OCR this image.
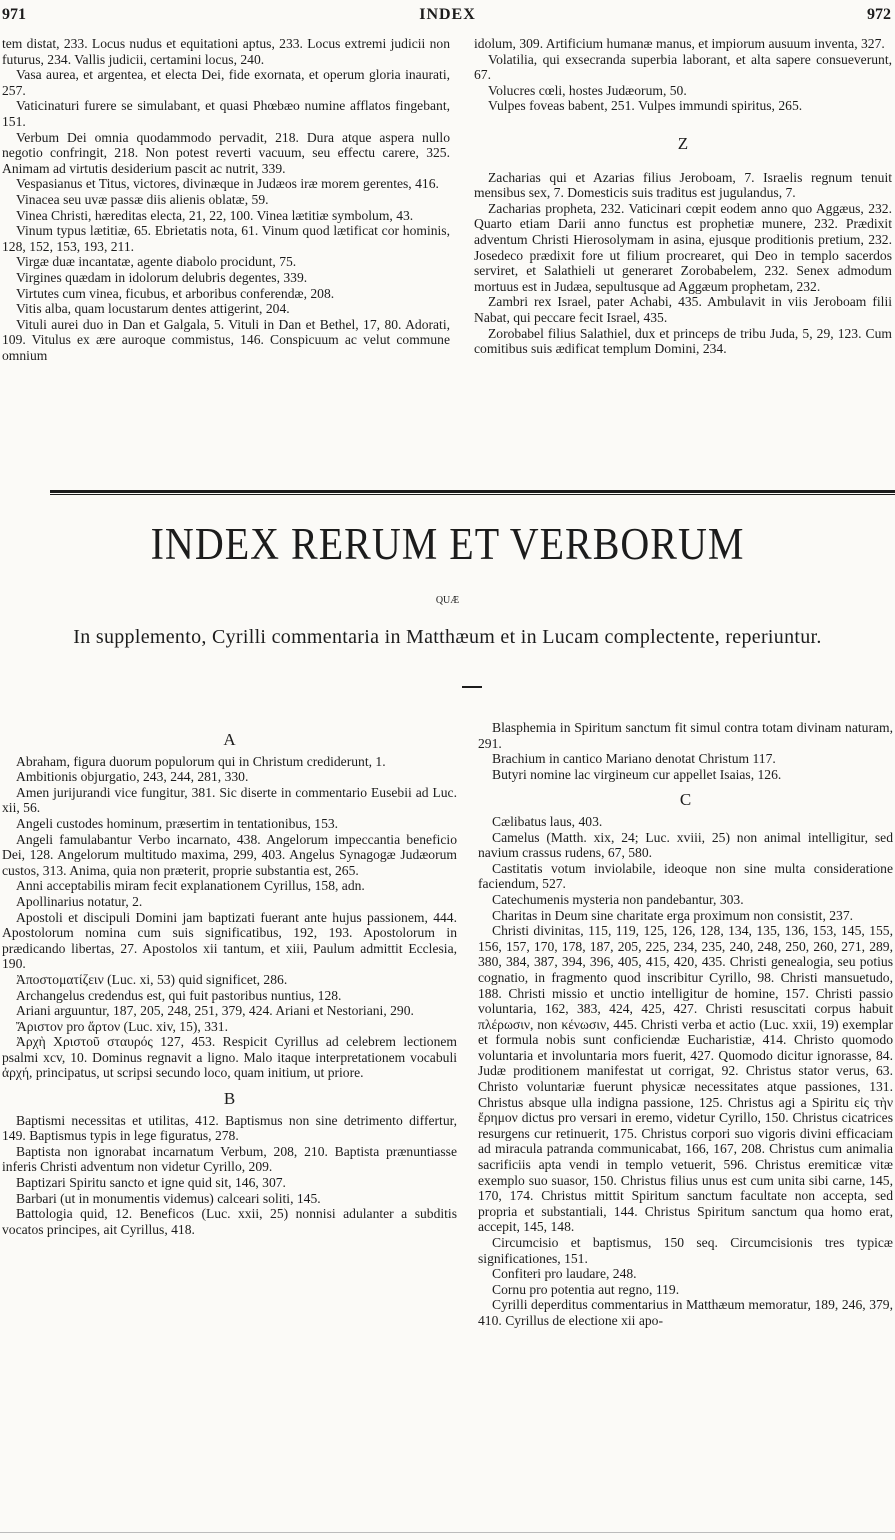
971	INDEX	972

tem distat, 233. Locus nudus et equitationi aptus, 233. Locus extremi judicii non futurus, 234. Vallis judicii, certamini locus, 240.

Vasa aurea, et argentea, et electa Dei, fide exornata, et operum gloria inaurati, 257.

Vaticinaturi furere se simulabant, et quasi Phœbæo numine afflatos fingebant, 151.

Verbum Dei omnia quodammodo pervadit, 218. Dura atque aspera nullo negotio confringit, 218. Non potest reverti vacuum, seu effectu carere, 325. Animam ad virtutis desiderium pascit ac nutrit, 339.

Vespasianus et Titus, victores, divinæque in Judæos iræ morem gerentes, 416.

Vinacea seu uvæ passæ diis alienis oblatæ, 59.

Vinea Christi, hæreditas electa, 21, 22, 100. Vinea lætitiæ symbolum, 43.

Vinum typus lætitiæ, 65. Ebrietatis nota, 61. Vinum quod lætificat cor hominis, 128, 152, 153, 193, 211.

Virgæ duæ incantatæ, agente diabolo procidunt, 75.

Virgines quædam in idolorum delubris degentes, 339.

Virtutes cum vinea, ficubus, et arboribus conferendæ, 208.

Vitis alba, quam locustarum dentes attigerint, 204.

Vituli aurei duo in Dan et Galgala, 5. Vituli in Dan et Bethel, 17, 80. Adorati, 109. Vitulus ex ære auroque commistus, 146. Conspicuum ac velut commune omnium

idolum, 309. Artificium humanæ manus, et impiorum ausuum inventa, 327.

Volatilia, qui exsecranda superbia laborant, et alta sapere consueverunt, 67.

Volucres cœli, hostes Judæorum, 50.

Vulpes foveas babent, 251. Vulpes immundi spiritus, 265.

Z

Zacharias qui et Azarias filius Jeroboam, 7. Israelis regnum tenuit mensibus sex, 7. Domesticis suis traditus est jugulandus, 7.

Zacharias propheta, 232. Vaticinari cœpit eodem anno quo Aggæus, 232. Quarto etiam Darii anno functus est prophetiæ munere, 232. Prædixit adventum Christi Hierosolymam in asina, ejusque proditionis pretium, 232. Josedeco prædixit fore ut filium procrearet, qui Deo in templo sacerdos serviret, et Salathieli ut generaret Zorobabelem, 232. Senex admodum mortuus est in Judæa, sepultusque ad Aggæum prophetam, 232.

Zambri rex Israel, pater Achabi, 435. Ambulavit in viis Jeroboam filii Nabat, qui peccare fecit Israel, 435.

Zorobabel filius Salathiel, dux et princeps de tribu Juda, 5, 29, 123. Cum comitibus suis ædificat templum Domini, 234.

INDEX RERUM ET VERBORUM
QUÆ
In supplemento, Cyrilli commentaria in Matthæum et in Lucam complectente, reperiuntur.
A

Abraham, figura duorum populorum qui in Christum crediderunt, 1.

Ambitionis objurgatio, 243, 244, 281, 330.

Amen jurijurandi vice fungitur, 381. Sic diserte in commentario Eusebii ad Luc. xii, 56.

Angeli custodes hominum, præsertim in tentationibus, 153.

Angeli famulabantur Verbo incarnato, 438. Angelorum impeccantia beneficio Dei, 128. Angelorum multitudo maxima, 299, 403. Angelus Synagogæ Judæorum custos, 313. Anima, quia non præterit, proprie substantia est, 265.

Anni acceptabilis miram fecit explanationem Cyrillus, 158, adn.

Apollinarius notatur, 2.

Apostoli et discipuli Domini jam baptizati fuerant ante hujus passionem, 444. Apostolorum nomina cum suis significatibus, 192, 193. Apostolorum in prædicando libertas, 27. Apostolos xii tantum, et xiii, Paulum admittit Ecclesia, 190.

Ἀποστοματίζειν (Luc. xi, 53) quid significet, 286.

Archangelus credendus est, qui fuit pastoribus nuntius, 128.

Ariani arguuntur, 187, 205, 248, 251, 379, 424. Ariani et Nestoriani, 290.

Ἄριστον pro ἄρτον (Luc. xiv, 15), 331.

Ἀρχὴ Χριστοῦ σταυρός 127, 453. Respicit Cyrillus ad celebrem lectionem psalmi xcv, 10. Dominus regnavit a ligno. Malo itaque interpretationem vocabuli ἀρχή, principatus, ut scripsi secundo loco, quam initium, ut priore.

B

Baptismi necessitas et utilitas, 412. Baptismus non sine detrimento differtur, 149. Baptismus typis in lege figuratus, 278.

Baptista non ignorabat incarnatum Verbum, 208, 210. Baptista prænuntiasse inferis Christi adventum non videtur Cyrillo, 209.

Baptizari Spiritu sancto et igne quid sit, 146, 307.

Barbari (ut in monumentis videmus) calceari soliti, 145.

Battologia quid, 12. Beneficos (Luc. xxii, 25) nonnisi adulanter a subditis vocatos principes, ait Cyrillus, 418.

Blasphemia in Spiritum sanctum fit simul contra totam divinam naturam, 291.

Brachium in cantico Mariano denotat Christum 117.

Butyri nomine lac virgineum cur appellet Isaias, 126.

C

Cælibatus laus, 403.

Camelus (Matth. xix, 24; Luc. xviii, 25) non animal intelligitur, sed navium crassus rudens, 67, 580.

Castitatis votum inviolabile, ideoque non sine multa consideratione faciendum, 527.

Catechumenis mysteria non pandebantur, 303.

Charitas in Deum sine charitate erga proximum non consistit, 237.

Christi divinitas, 115, 119, 125, 126, 128, 134, 135, 136, 153, 145, 155, 156, 157, 170, 178, 187, 205, 225, 234, 235, 240, 248, 250, 260, 271, 289, 380, 384, 387, 394, 396, 405, 415, 420, 435. Christi genealogia, seu potius cognatio, in fragmento quod inscribitur Cyrillo, 98. Christi mansuetudo, 188. Christi missio et unctio intelligitur de homine, 157. Christi passio voluntaria, 162, 383, 424, 425, 427. Christi resuscitati corpus habuit πλέρωσιν, non κένωσιν, 445. Christi verba et actio (Luc. xxii, 19) exemplar et formula nobis sunt conficiendæ Eucharistiæ, 414. Christo quomodo voluntaria et involuntaria mors fuerit, 427. Quomodo dicitur ignorasse, 84. Judæ proditionem manifestat ut corrigat, 92. Christus stator verus, 63. Christo voluntariæ fuerunt physicæ necessitates atque passiones, 131. Christus absque ulla indigna passione, 125. Christus agi a Spiritu εἰς τὴν ἔρημον dictus pro versari in eremo, videtur Cyrillo, 150. Christus cicatrices resurgens cur retinuerit, 175. Christus corpori suo vigoris divini efficaciam ad miracula patranda communicabat, 166, 167, 208. Christus cum animalia sacrificiis apta vendi in templo vetuerit, 596. Christus eremiticæ vitæ exemplo suo suasor, 150. Christus filius unus est cum unita sibi carne, 145, 170, 174. Christus mittit Spiritum sanctum facultate non accepta, sed propria et substantiali, 144. Christus Spiritum sanctum qua homo erat, accepit, 145, 148.

Circumcisio et baptismus, 150 seq. Circumcisionis tres typicæ significationes, 151.

Confiteri pro laudare, 248.

Cornu pro potentia aut regno, 119.

Cyrilli deperditus commentarius in Matthæum memoratur, 189, 246, 379, 410. Cyrillus de electione xii apo-
